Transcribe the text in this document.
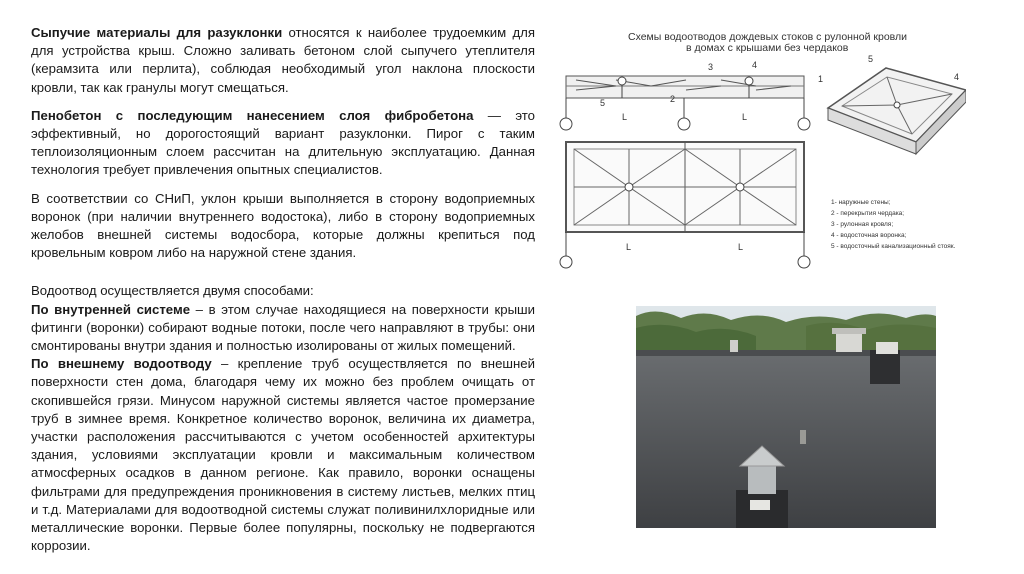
Сыпучие материалы для разуклонки относятся к наиболее трудоемким для для устройства крыш. Сложно заливать бетоном слой сыпучего утеплителя (керамзита или перлита), соблюдая необходимый угол наклона плоскости кровли, так как гранулы могут смещаться.

Пенобетон с последующим нанесением слоя фибробетона — это эффективный, но дорогостоящий вариант разуклонки. Пирог с таким теплоизоляционным слоем рассчитан на длительную эксплуатацию. Данная технология требует привлечения опытных специалистов.

В соответствии со СНиП, уклон крыши выполняется в сторону водоприемных воронок (при наличии внутреннего водостока), либо в сторону водоприемных желобов внешней системы водосбора, которые должны крепиться под кровельным ковром либо на наружной стене здания.

Водоотвод осуществляется двумя способами:

По внутренней системе – в этом случае находящиеся на поверхности крыши фитинги (воронки) собирают водные потоки, после чего направляют в трубы: они смонтированы внутри здания и полностью изолированы от жилых помещений.

По внешнему водоотводу – крепление труб осуществляется по внешней поверхности стен дома, благодаря чему их можно без проблем очищать от скопившейся грязи. Минусом наружной системы является частое промерзание труб в зимнее время. Конкретное количество воронок, величина их диаметра, участки расположения рассчитываются с учетом особенностей архитектуры здания, условиями эксплуатации кровли и максимальным количеством атмосферных осадков в данном регионе. Как правило, воронки оснащены фильтрами для предупреждения проникновения в систему листьев, мелких птиц и т.д. Материалами для водоотводной системы служат поливинилхлоридные или металлические воронки. Первые более популярны, поскольку не подвергаются коррозии.

Схемы водоотводов дождевых стоков с рулонной кровли
в домах с крышами без чердаков
L	L
5	2
3	4
1
L	L
5
4
1- наружные стены;
2 - перекрытия чердака;
3 - рулонная кровля;
4 - водосточная воронка;
5 - водосточный канализационный стояк.
